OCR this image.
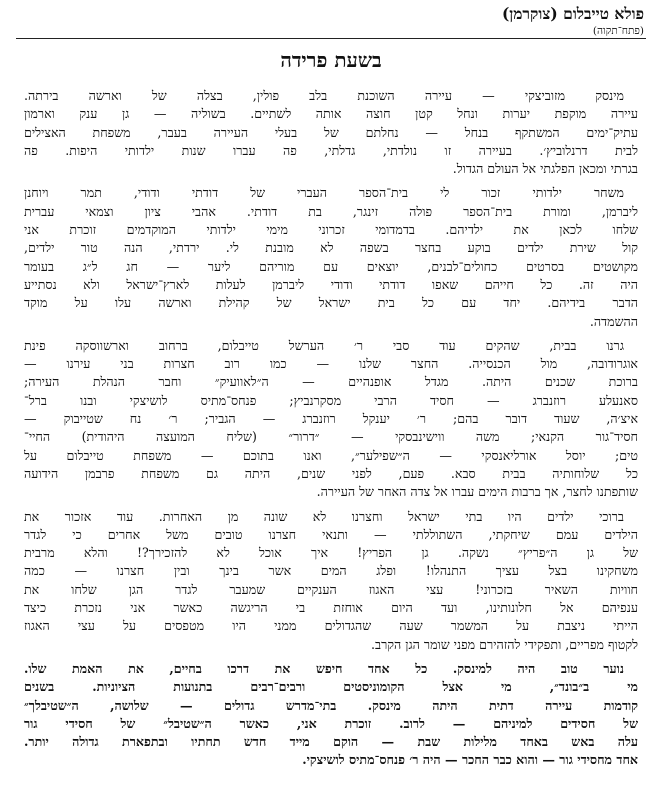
פולא טייבלום (צוקרמן)
(פתח־תקוה)
בשעת פרידה
מינסק מזוביצקי — עיירה השוכנת בלב פולין, בצלה של וארשה בירתה.
עיירה מוקפת יערות ונחל קטן חוצה אותה לשתיים. בשוליה — גן ענק וארמון
עתיק־ימים המשתקף בנחל — נחלתם של בעלי העיירה בעבר, משפחת האצילים
לבית דרנלוביץ׳. בעיירה זו נולדתי, גדלתי, פה עברו שנות ילדותי היפות. פה
בגרתי ומכאן הפלגתי אל העולם הגדול.
משחר ילדותי זכור לי בית־הספר העברי של דודתי ודודי, תמר ויוחנן
ליברמן, ומורת בית־הספר פולה זינגר, בת דודתי. אהבי ציון וצמאי עברית
שלחו לכאן את ילדיהם. בדמדומי זכרוני מימי ילדותי המוקדמים זוכרת אני
קול שירת ילדים בוקע בחצר בשפה לא מובנת לי. ירדתי, הנה טור ילדים,
מקושטים בסרטים כחולים־לבנים, יוצאים עם מוריהם ליער — חג ל״ג בעומר
היה זה. כל חייהם שאפו דודתי ודודי ליברמן לעלות לארץ־ישראל ולא נסתייע
הדבר בידיהם. יחד עם כל בית ישראל של קהילת וארשה עלו על מוקד
ההשמדה.
גרנו בבית, שהקים עוד סבי ר׳ הערשל טייבלום, ברחוב וארשווסקה פינת
אוגרודובה, מול הכנסייה. החצר שלנו — כמו רוב חצרות בני עירנו —
ברוכת שכנים היתה. מגדל אופנהיים — ה״לאוועיק״ וחבר הנהלת העירה;
סאנעלע רוזנברג — חסיד הרבי מסקרנביץ; פנחס־מתיס לושיצקי ובנו ברל־
איצ׳ה, שעוד דובר בהם; ר׳ יענקל רוזנברג — הגביר; ר׳ נח שטייבוק —
חסיד־גור הקנאי; משה ווישינבסקי — ״דרור״ (שליח המועצה היהודית) החיי־
טים; יוסל אורליאנסקי — ה״שפילער״, ואנו בתוכם — משפחת טייבלום על
כל שלוחותיה בבית סבא. פעם, לפני שנים, היתה גם משפחת פרבמן הידועה
שותפתנו לחצר, אך ברבות הימים עברו אל צדה האחר של העיירה.
ברוכי ילדים היו בתי ישראל וחצרנו לא שונה מן האחרות. עוד אזכור את
הילדים עמם שיחקתי, השתוללתי — ותנאי חצרנו טובים משל אחרים כי לגדר
של גן ה״פריץ״ נשקה. גן הפריץ! איך אוכל לא להזכירך?! והלא מרבית
משחקינו בצל עציך התנהלו! ופלג המים אשר בינך ובין חצרנו — כמה
חוויות השאיר בזכרוני! עצי האגוז הענקיים שמעבר לגדר הגן שלחו את
ענפיהם אל חלונותינו, ועד היום אוחזת בי הריגשה כאשר אני נזכרת כיצד
הייתי ניצבת על המשמר שעה שהגדולים ממני היו מטפסים על עצי האגוז
לקטוף מפריים, ותפקידי להזהירם מפני שומר הגן הקרב.
נוער טוב היה למינסק. כל אחד חיפש את דרכו בחיים, את האמת שלו.
מי ב״בונד״, מי אצל הקומוניסטים ורבים־רבים בתנועות הציוניות. בשנים
קודמות עיירה דתית היתה מינסק. בתי־מדרש גדולים — שלושה, ה״שטיבלך״
של חסידים למיניהם — לרוב. זוכרת אני, כאשר ה״שטיבל״ של חסידי גור
עלה באש באחד מלילות שבת — הוקם מייד חדש תחתיו ובתפארת גדולה יותר.
אחד מחסידי גור — והוא כבר החכר — היה ר׳ פנחס־מתיס לושיצקי.
